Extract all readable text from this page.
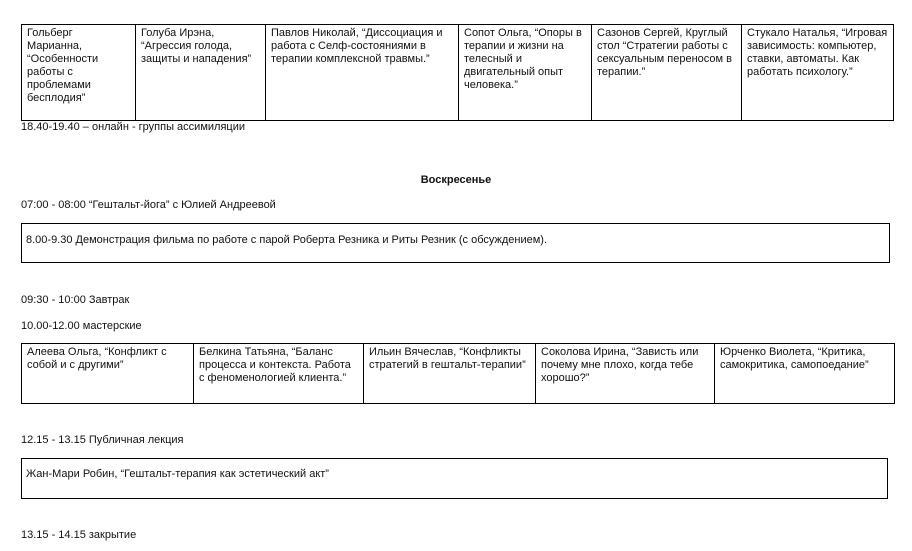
Гольберг Марианна, “Особенности работы с проблемами бесплодия”	Голуба Ирэна, “Агрессия голода, защиты и нападения”	Павлов Николай, “Диссоциация и работа с Селф-состояниями в терапии комплексной травмы.”	Сопот Ольга, “Опоры в терапии и жизни на телесный и двигательный опыт человека.”	Сазонов Сергей, Круглый стол “Стратегии работы с сексуальным переносом в терапии.”	Стукало Наталья, “Игровая зависимость: компьютер, ставки, автоматы. Как работать психологу.”
18.40-19.40 – онлайн - группы ассимиляции
Воскресенье
07:00 - 08:00 “Гештальт-йога” с Юлией Андреевой
8.00-9.30 Демонстрация фильма по работе с парой Роберта Резника и Риты Резник (с обсуждением).
09:30 - 10:00 Завтрак
10.00-12.00 мастерские
Алеева Ольга, “Конфликт с собой и с другими”	Белкина Татьяна, “Баланс процесса и контекста. Работа с феноменологией клиента.”	Ильин Вячеслав, “Конфликты стратегий в гештальт-терапии”	Соколова Ирина, “Зависть или почему мне плохо, когда тебе хорошо?”	Юрченко Виолета, “Критика, самокритика, самопоедание”
12.15 - 13.15 Публичная лекция
Жан-Мари Робин, “Гештальт-терапия как эстетический акт”
13.15 - 14.15 закрытие
